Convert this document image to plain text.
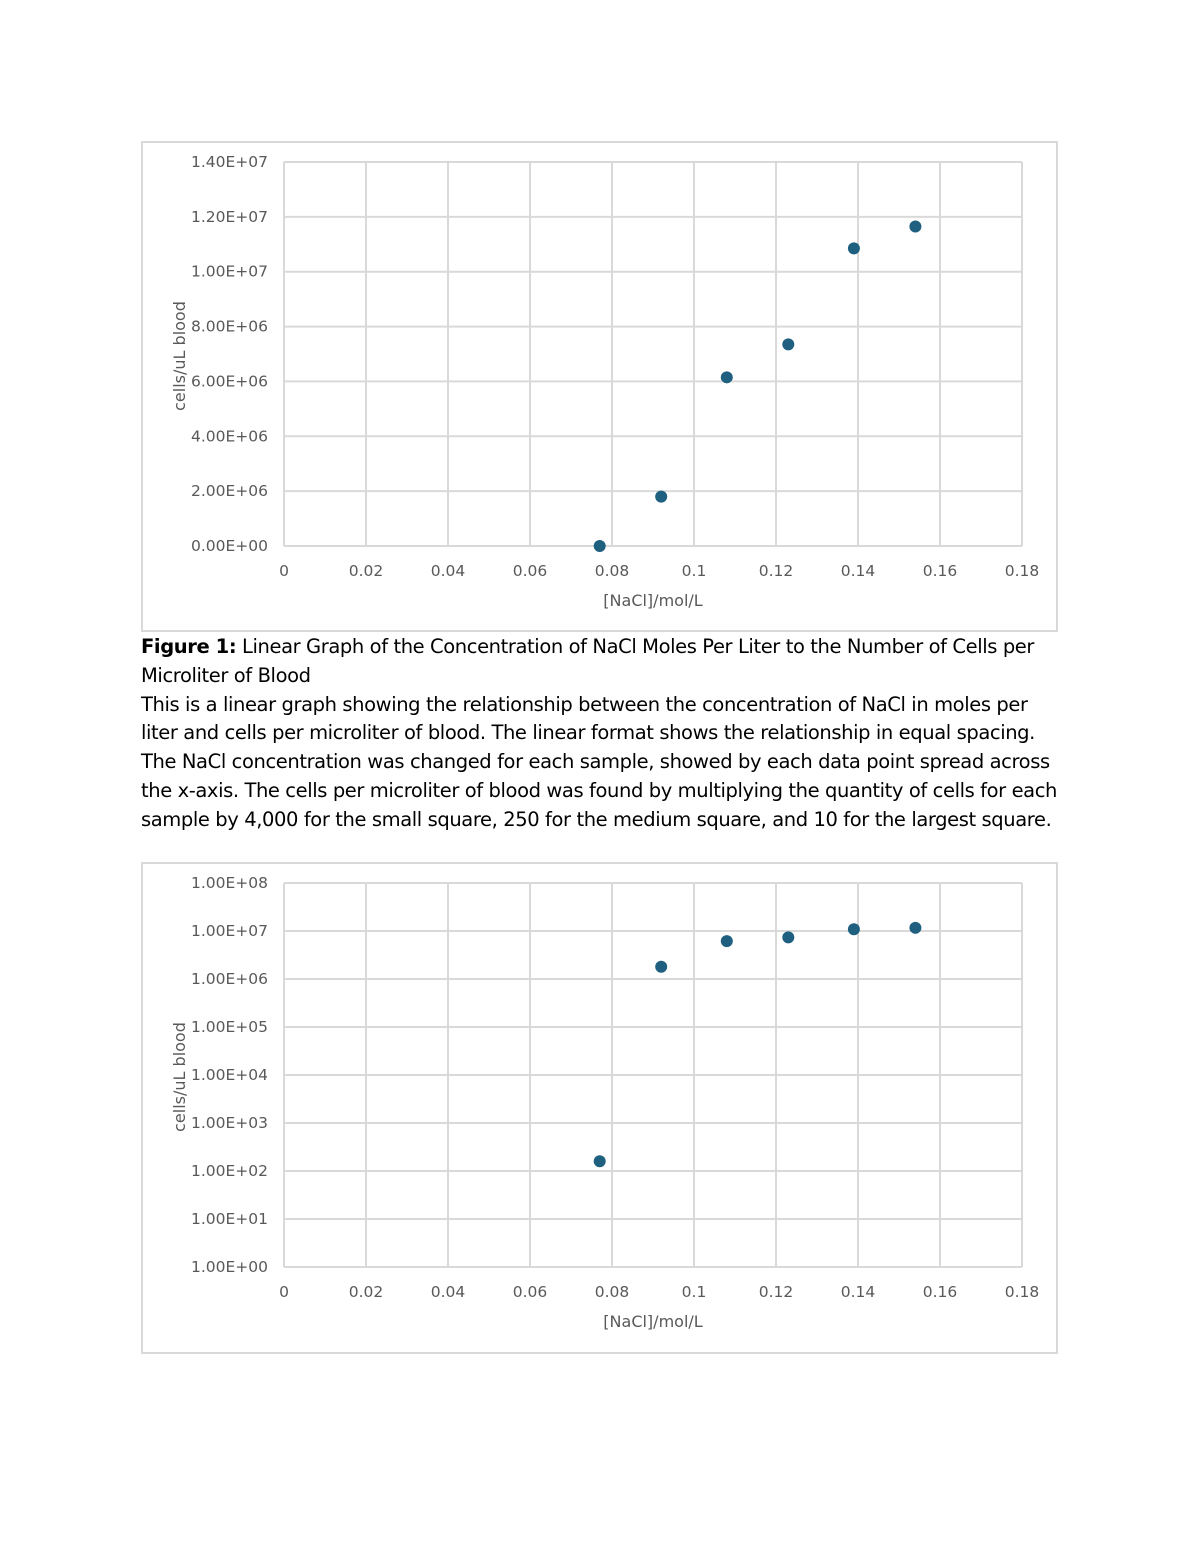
0	0.02	0.04	0.06	0.08	0.1	0.12	0.14	0.16	0.18
0.00E+00
2.00E+06
4.00E+06
6.00E+06
8.00E+06
1.00E+07
1.20E+07
1.40E+07
[NaCl]/mol/L
cells/uL blood

Figure 1: Linear Graph of the Concentration of NaCl Moles Per Liter to the Number of Cells per Microliter of Blood

This is a linear graph showing the relationship between the concentration of NaCl in moles per liter and cells per microliter of blood. The linear format shows the relationship in equal spacing. The NaCl concentration was changed for each sample, showed by each data point spread across the x-axis. The cells per microliter of blood was found by multiplying the quantity of cells for each sample by 4,000 for the small square, 250 for the medium square, and 10 for the largest square.

0	0.02	0.04	0.06	0.08	0.1	0.12	0.14	0.16	0.18
1.00E+00
1.00E+01
1.00E+02
1.00E+03
1.00E+04
1.00E+05
1.00E+06
1.00E+07
1.00E+08
[NaCl]/mol/L
cells/uL blood
